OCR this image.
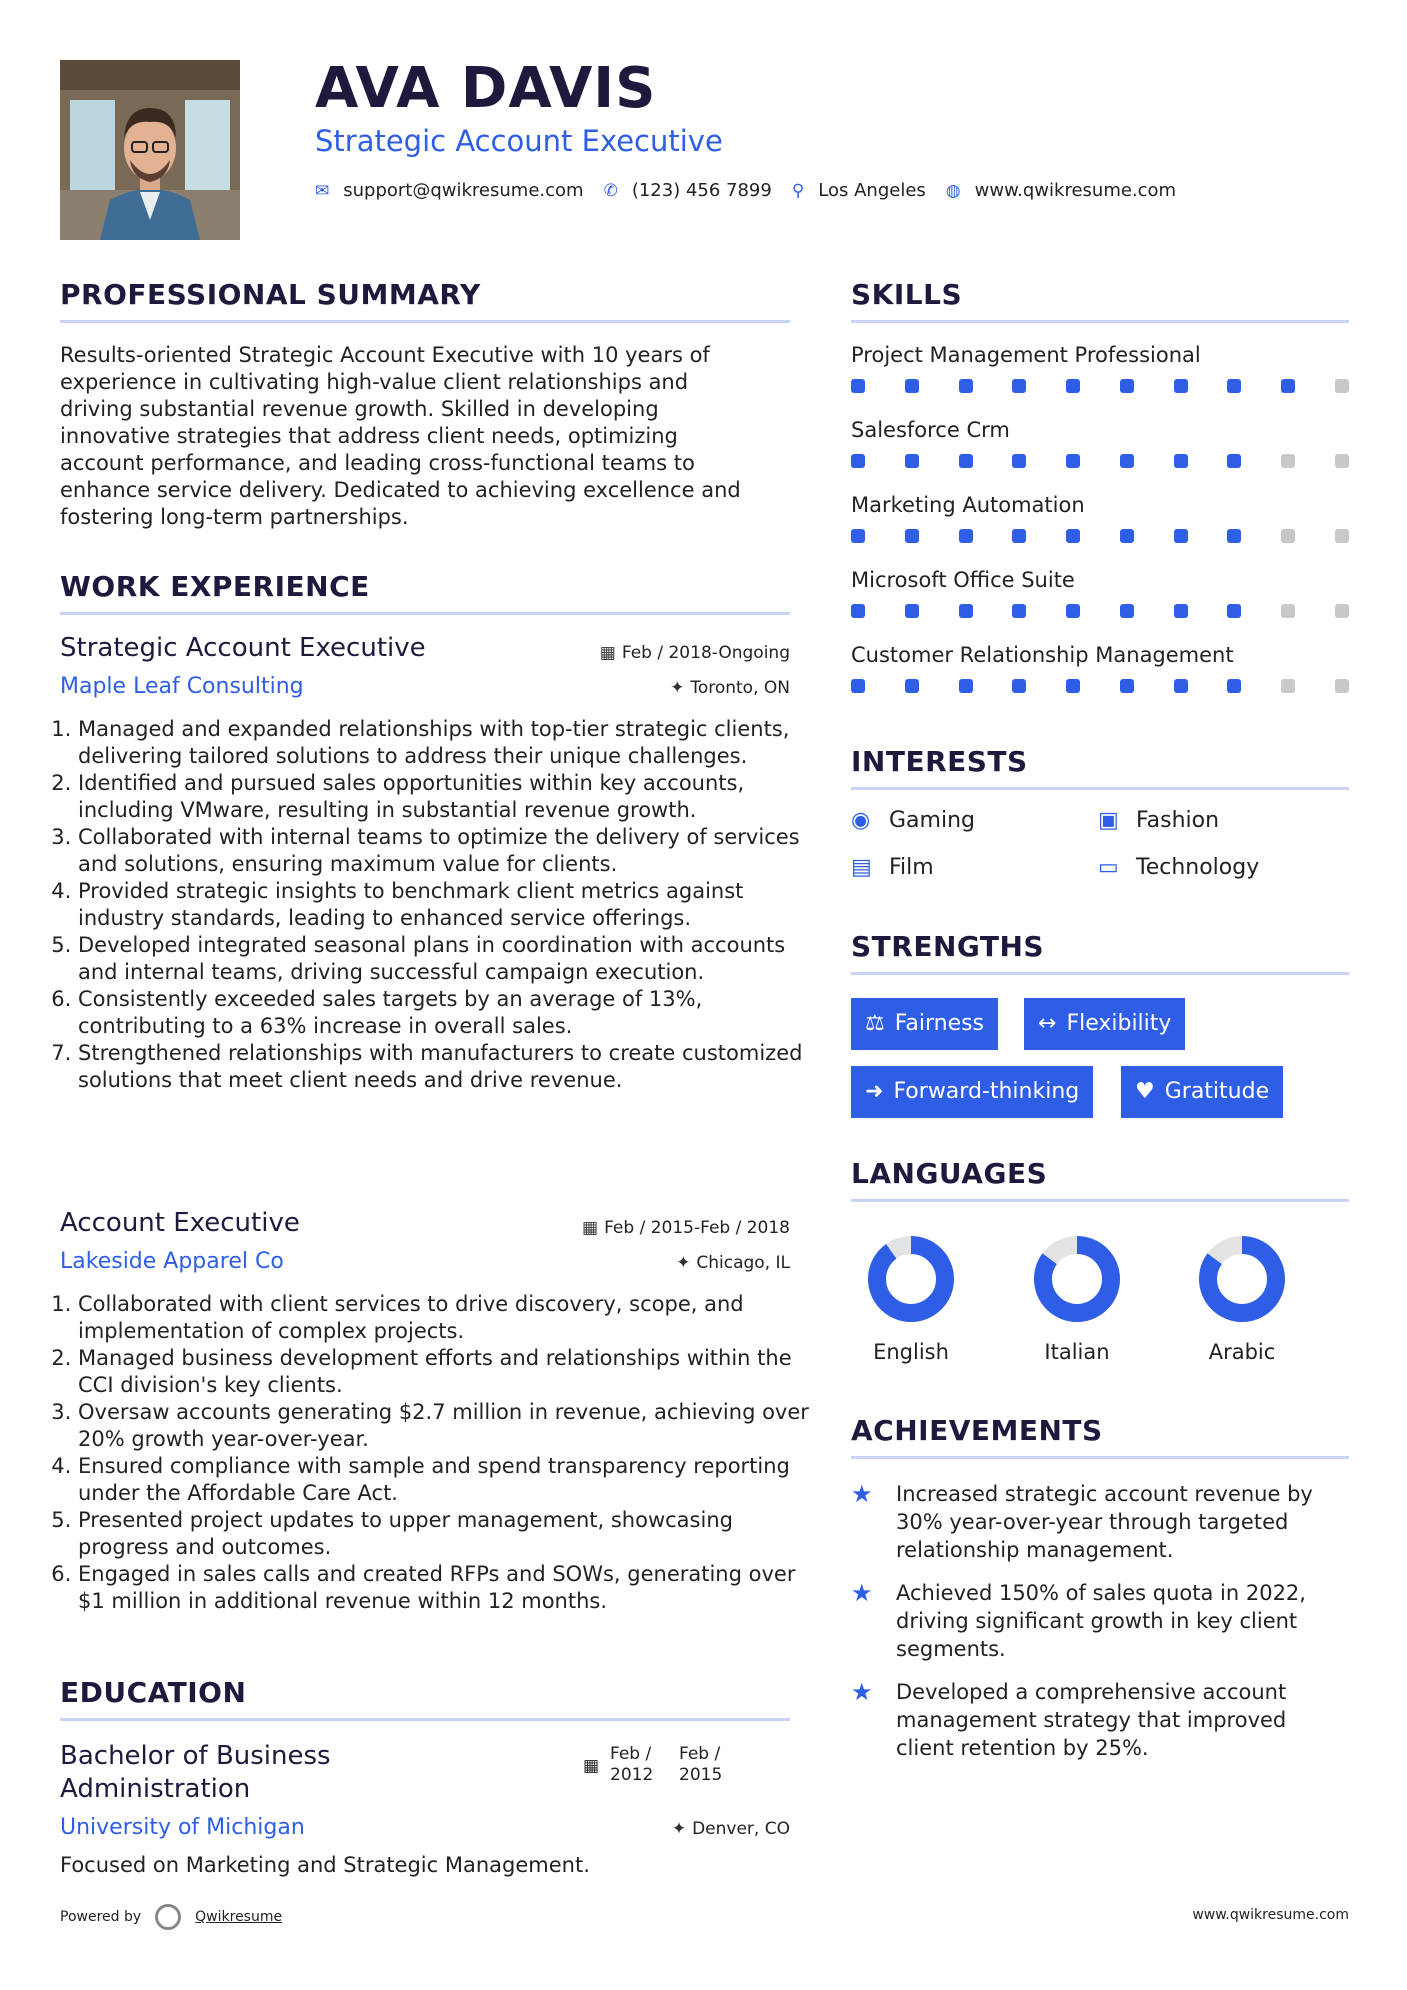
AVA DAVIS
Strategic Account Executive
✉ support@qwikresume.com ✆ (123) 456 7899 ⚲ Los Angeles ◍ www.qwikresume.com
PROFESSIONAL SUMMARY
Results-oriented Strategic Account Executive with 10 years of
experience in cultivating high-value client relationships and
driving substantial revenue growth. Skilled in developing
innovative strategies that address client needs, optimizing
account performance, and leading cross-functional teams to
enhance service delivery. Dedicated to achieving excellence and
fostering long-term partnerships.
WORK EXPERIENCE
Strategic Account Executive	▦ Feb / 2018-Ongoing
Maple Leaf Consulting	✦ Toronto, ON
1. Managed and expanded relationships with top-tier strategic clients, delivering tailored solutions to address their unique challenges.
2. Identified and pursued sales opportunities within key accounts, including VMware, resulting in substantial revenue growth.
3. Collaborated with internal teams to optimize the delivery of services and solutions, ensuring maximum value for clients.
4. Provided strategic insights to benchmark client metrics against industry standards, leading to enhanced service offerings.
5. Developed integrated seasonal plans in coordination with accounts and internal teams, driving successful campaign execution.
6. Consistently exceeded sales targets by an average of 13%, contributing to a 63% increase in overall sales.
7. Strengthened relationships with manufacturers to create customized solutions that meet client needs and drive revenue.
Account Executive	▦ Feb / 2015-Feb / 2018
Lakeside Apparel Co	✦ Chicago, IL
1. Collaborated with client services to drive discovery, scope, and implementation of complex projects.
2. Managed business development efforts and relationships within the CCI division's key clients.
3. Oversaw accounts generating $2.7 million in revenue, achieving over 20% growth year-over-year.
4. Ensured compliance with sample and spend transparency reporting under the Affordable Care Act.
5. Presented project updates to upper management, showcasing progress and outcomes.
6. Engaged in sales calls and created RFPs and SOWs, generating over $1 million in additional revenue within 12 months.
EDUCATION
Bachelor of Business
Administration
▦
Feb /
2012
Feb /
2015
University of Michigan	✦ Denver, CO
Focused on Marketing and Strategic Management.
SKILLS
Project Management Professional
Salesforce Crm
Marketing Automation
Microsoft Office Suite
Customer Relationship Management
INTERESTS
◉ Gaming	▣ Fashion
▤ Film	▭ Technology
STRENGTHS
⚖ Fairness	↔ Flexibility
➜ Forward-thinking	♥ Gratitude
LANGUAGES
English	Italian	Arabic
ACHIEVEMENTS
★ Increased strategic account revenue by
30% year-over-year through targeted
relationship management.
★ Achieved 150% of sales quota in 2022,
driving significant growth in key client
segments.
★ Developed a comprehensive account
management strategy that improved
client retention by 25%.
Powered by	Qwikresume	www.qwikresume.com
